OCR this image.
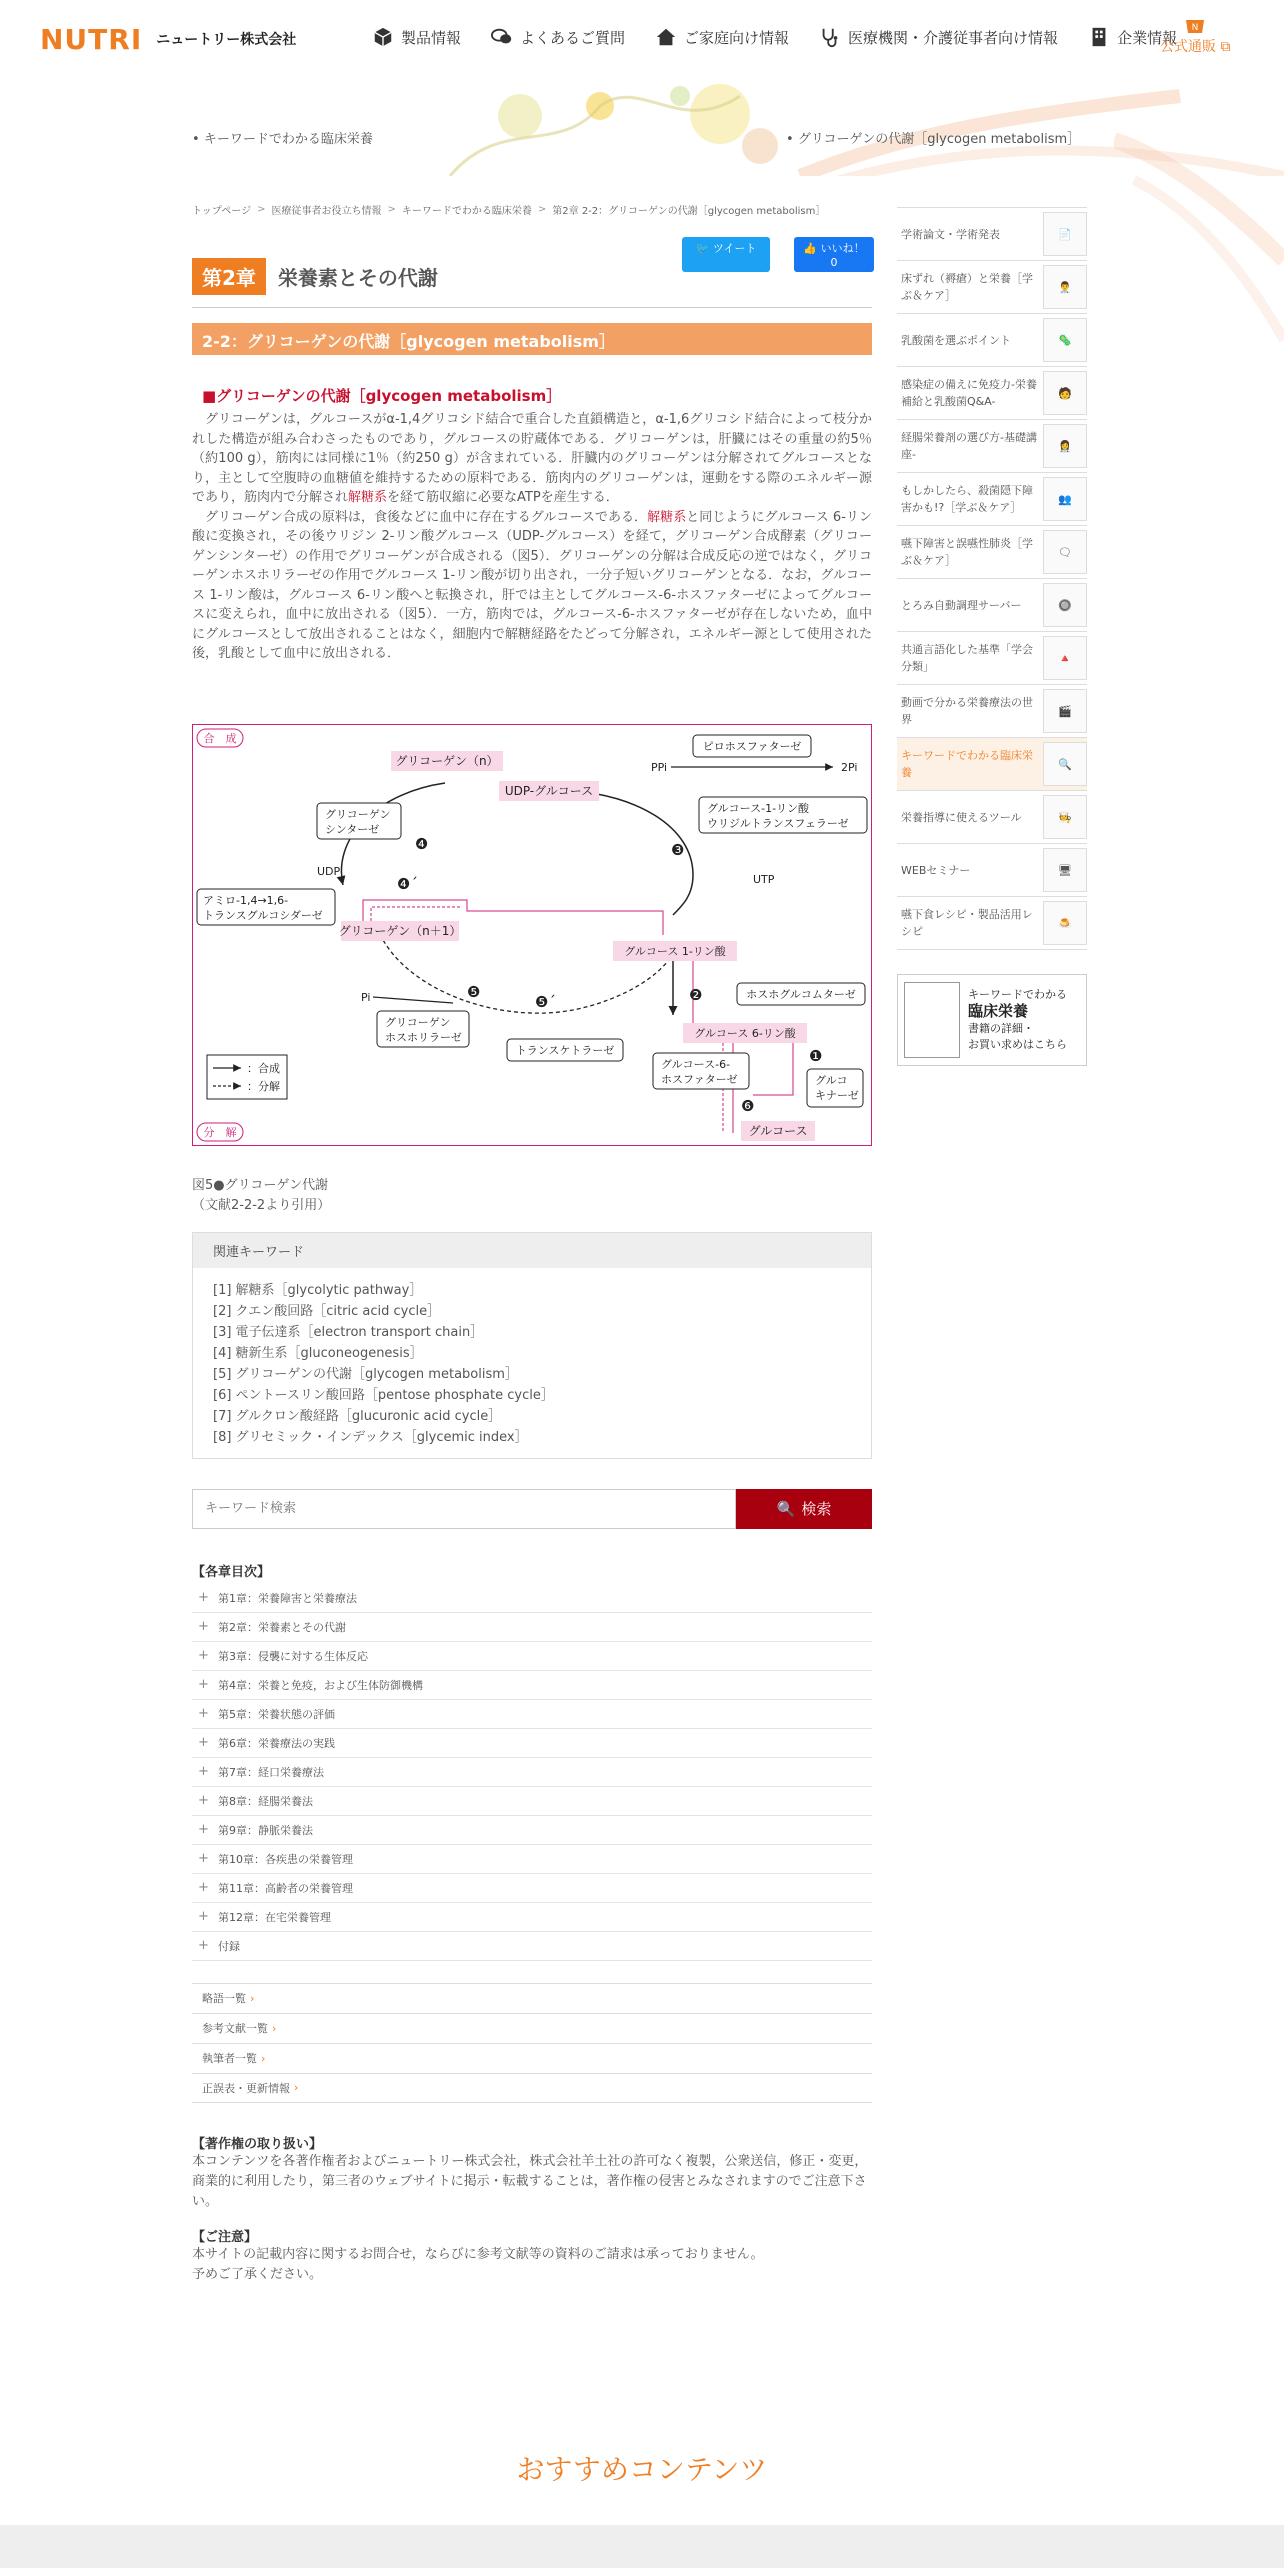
NUTRI ニュートリー株式会社	製品情報	よくあるご質問	ご家庭向け情報	医療機関・介護従事者向け情報	企業情報
N
公式通販 ⧉
• キーワードでわかる臨床栄養	• グリコーゲンの代謝［glycogen metabolism］
トップページ > 医療従事者お役立ち情報 > キーワードでわかる臨床栄養 > 第2章 2-2：グリコーゲンの代謝［glycogen metabolism］
🐦 ツイート	👍 いいね！ 0
第2章	栄養素とその代謝
2-2：グリコーゲンの代謝［glycogen metabolism］
■グリコーゲンの代謝［glycogen metabolism］

グリコーゲンは，グルコースがα-1,4グリコシド結合で重合した直鎖構造と，α-1,6グリコシド結合によって枝分かれした構造が組み合わさったものであり，グルコースの貯蔵体である．グリコーゲンは，肝臓にはその重量の約5％（約100 g），筋肉には同様に1％（約250 g）が含まれている．肝臓内のグリコーゲンは分解されてグルコースとなり，主として空腹時の血糖値を維持するための原料である．筋肉内のグリコーゲンは，運動をする際のエネルギー源であり，筋肉内で分解され解糖系を経て筋収縮に必要なATPを産生する．

グリコーゲン合成の原料は，食後などに血中に存在するグルコースである．解糖系と同じようにグルコース 6-リン酸に変換され，その後ウリジン 2-リン酸グルコース（UDP-グルコース）を経て，グリコーゲン合成酵素（グリコーゲンシンターゼ）の作用でグリコーゲンが合成される（図5）．グリコーゲンの分解は合成反応の逆ではなく，グリコーゲンホスホリラーゼの作用でグルコース 1-リン酸が切り出され，一分子短いグリコーゲンとなる．なお，グルコース 1-リン酸は，グルコース 6-リン酸へと転換され，肝では主としてグルコース-6-ホスファターゼによってグルコースに変えられ，血中に放出される（図5）．一方，筋肉では，グルコース-6-ホスファターゼが存在しないため，血中にグルコースとして放出されることはなく，細胞内で解糖経路をたどって分解され，エネルギー源として使用された後，乳酸として血中に放出される．

合　成
分　解
グリコーゲン（n）
UDP-グルコース
PPi	2Pi
ピロホスファターゼ
グルコース-1-リン酸
ウリジルトランスフェラーゼ
グリコーゲン
シンターゼ
UDP
UTP
アミロ-1,4→1,6-
トランスグルコシダーゼ
グリコーゲン（n＋1）
グルコース 1-リン酸
ホスホグルコムターゼ
グルコース 6-リン酸
Pi
グリコーゲン
ホスホリラーゼ
トランスケトラーゼ
グルコース-6-
ホスファターゼ	グルコ
キナーゼ
グルコース
❹
❹´
❸
❷
❺
❺´
❶
❻
：合成
：分解
図5●グリコーゲン代謝
（文献2-2-2より引用）
関連キーワード
[1] 解糖系［glycolytic pathway］
[2] クエン酸回路［citric acid cycle］
[3] 電子伝達系［electron transport chain］
[4] 糖新生系［gluconeogenesis］
[5] グリコーゲンの代謝［glycogen metabolism］
[6] ペントースリン酸回路［pentose phosphate cycle］
[7] グルクロン酸経路［glucuronic acid cycle］
[8] グリセミック・インデックス［glycemic index］
キーワード検索
🔍 検索
【各章目次】
+ 第1章：栄養障害と栄養療法
+ 第2章：栄養素とその代謝
+ 第3章：侵襲に対する生体反応
+ 第4章：栄養と免疫，および生体防御機構
+ 第5章：栄養状態の評価
+ 第6章：栄養療法の実践
+ 第7章：経口栄養療法
+ 第8章：経腸栄養法
+ 第9章：静脈栄養法
+ 第10章：各疾患の栄養管理
+ 第11章：高齢者の栄養管理
+ 第12章：在宅栄養管理
+ 付録
略語一覧 ›
参考文献一覧 ›
執筆者一覧 ›
正誤表・更新情報 ›
【著作権の取り扱い】
本コンテンツを各著作権者およびニュートリー株式会社，株式会社羊土社の許可なく複製，公衆送信，修正・変更，商業的に利用したり，第三者のウェブサイトに掲示・転載することは，著作権の侵害とみなされますのでご注意下さい。
【ご注意】
本サイトの記載内容に関するお問合せ，ならびに参考文献等の資料のご請求は承っておりません。
予めご了承ください。
学術論文・学術発表	📄
床ずれ（褥瘡）と栄養［学ぶ＆ケア］
👨‍⚕️
乳酸菌を選ぶポイント	🦠
感染症の備えに免疫力-栄養補給と乳酸菌Q&A-
🧑
経腸栄養剤の選び方-基礎講座-
👩‍⚕️
もしかしたら、殺菌隠下障害かも!?［学ぶ＆ケア］
👥
嚥下障害と誤嚥性肺炎［学ぶ＆ケア］
🗨
とろみ自動調理サーバー	🔘
共通言語化した基準「学会分類」
🔺
動画で分かる栄養療法の世界
🎬
キーワードでわかる臨床栄養
🔍
栄養指導に使えるツール	🧑‍🍳
WEBセミナー	🖥
嚥下食レシピ・製品活用レシピ
🍮
キーワードでわかる
臨床栄養
書籍の詳細・
お買い求めはこちら
おすすめコンテンツ
